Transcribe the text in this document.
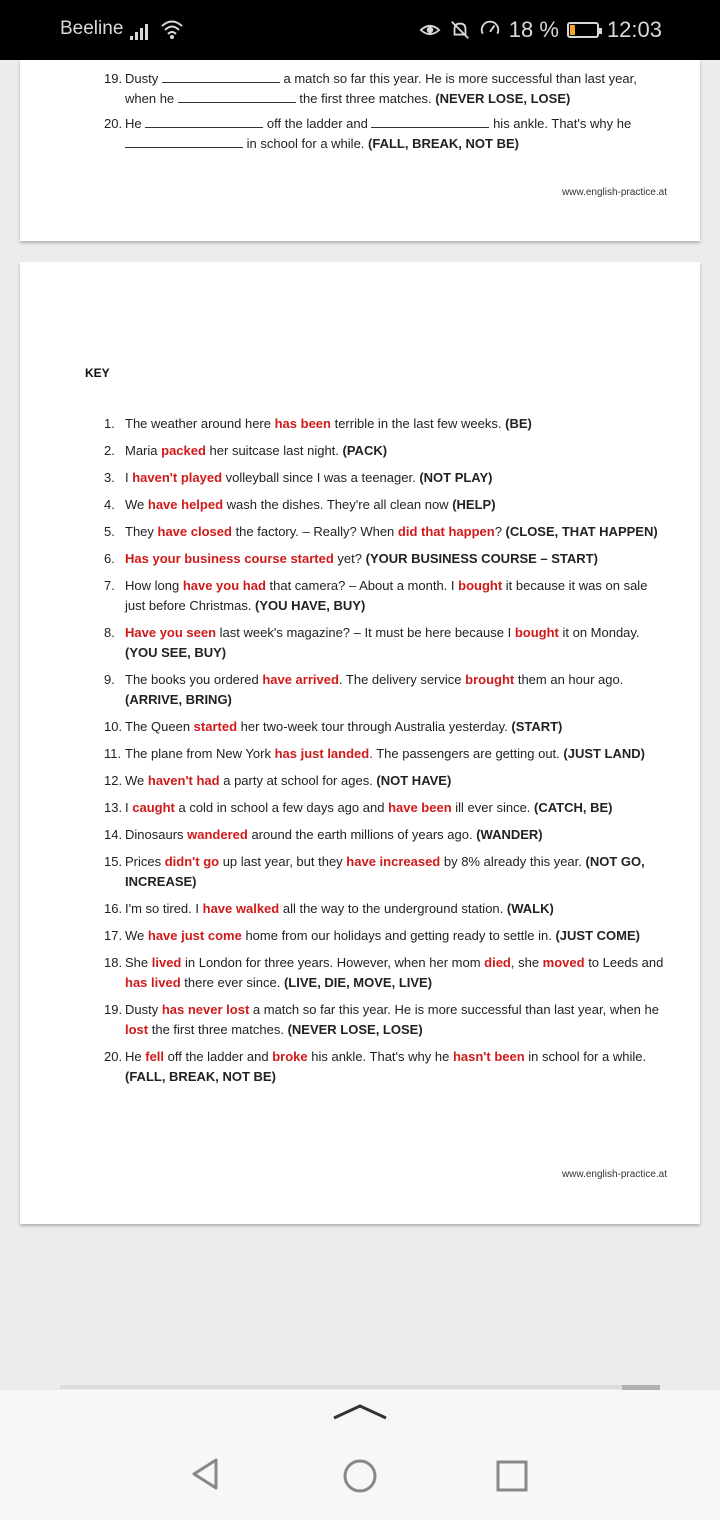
Beeline	18 % 12:03
19. Dusty	a match so far this year. He is more successful than last year,
when he	the first three matches. (NEVER LOSE, LOSE)
20. He	off the ladder and	his ankle. That's why he
in school for a while. (FALL, BREAK, NOT BE)
www.english-practice.at
KEY
1. The weather around here has been terrible in the last few weeks. (BE)
2. Maria packed her suitcase last night. (PACK)
3. I haven't played volleyball since I was a teenager. (NOT PLAY)
4. We have helped wash the dishes. They're all clean now (HELP)
5. They have closed the factory. – Really? When did that happen? (CLOSE, THAT HAPPEN)
6. Has your business course started yet? (YOUR BUSINESS COURSE – START)
7. How long have you had that camera? – About a month. I bought it because it was on sale just before Christmas. (YOU HAVE, BUY)
8. Have you seen last week's magazine? – It must be here because I bought it on Monday. (YOU SEE, BUY)
9. The books you ordered have arrived. The delivery service brought them an hour ago. (ARRIVE, BRING)
10. The Queen started her two-week tour through Australia yesterday. (START)
11. The plane from New York has just landed. The passengers are getting out. (JUST LAND)
12. We haven't had a party at school for ages. (NOT HAVE)
13. I caught a cold in school a few days ago and have been ill ever since. (CATCH, BE)
14. Dinosaurs wandered around the earth millions of years ago. (WANDER)
15. Prices didn't go up last year, but they have increased by 8% already this year. (NOT GO, INCREASE)
16. I'm so tired. I have walked all the way to the underground station. (WALK)
17. We have just come home from our holidays and getting ready to settle in. (JUST COME)
18. She lived in London for three years. However, when her mom died, she moved to Leeds and has lived there ever since. (LIVE, DIE, MOVE, LIVE)
19. Dusty has never lost a match so far this year. He is more successful than last year, when he lost the first three matches. (NEVER LOSE, LOSE)
20. He fell off the ladder and broke his ankle. That's why he hasn't been in school for a while. (FALL, BREAK, NOT BE)
www.english-practice.at
